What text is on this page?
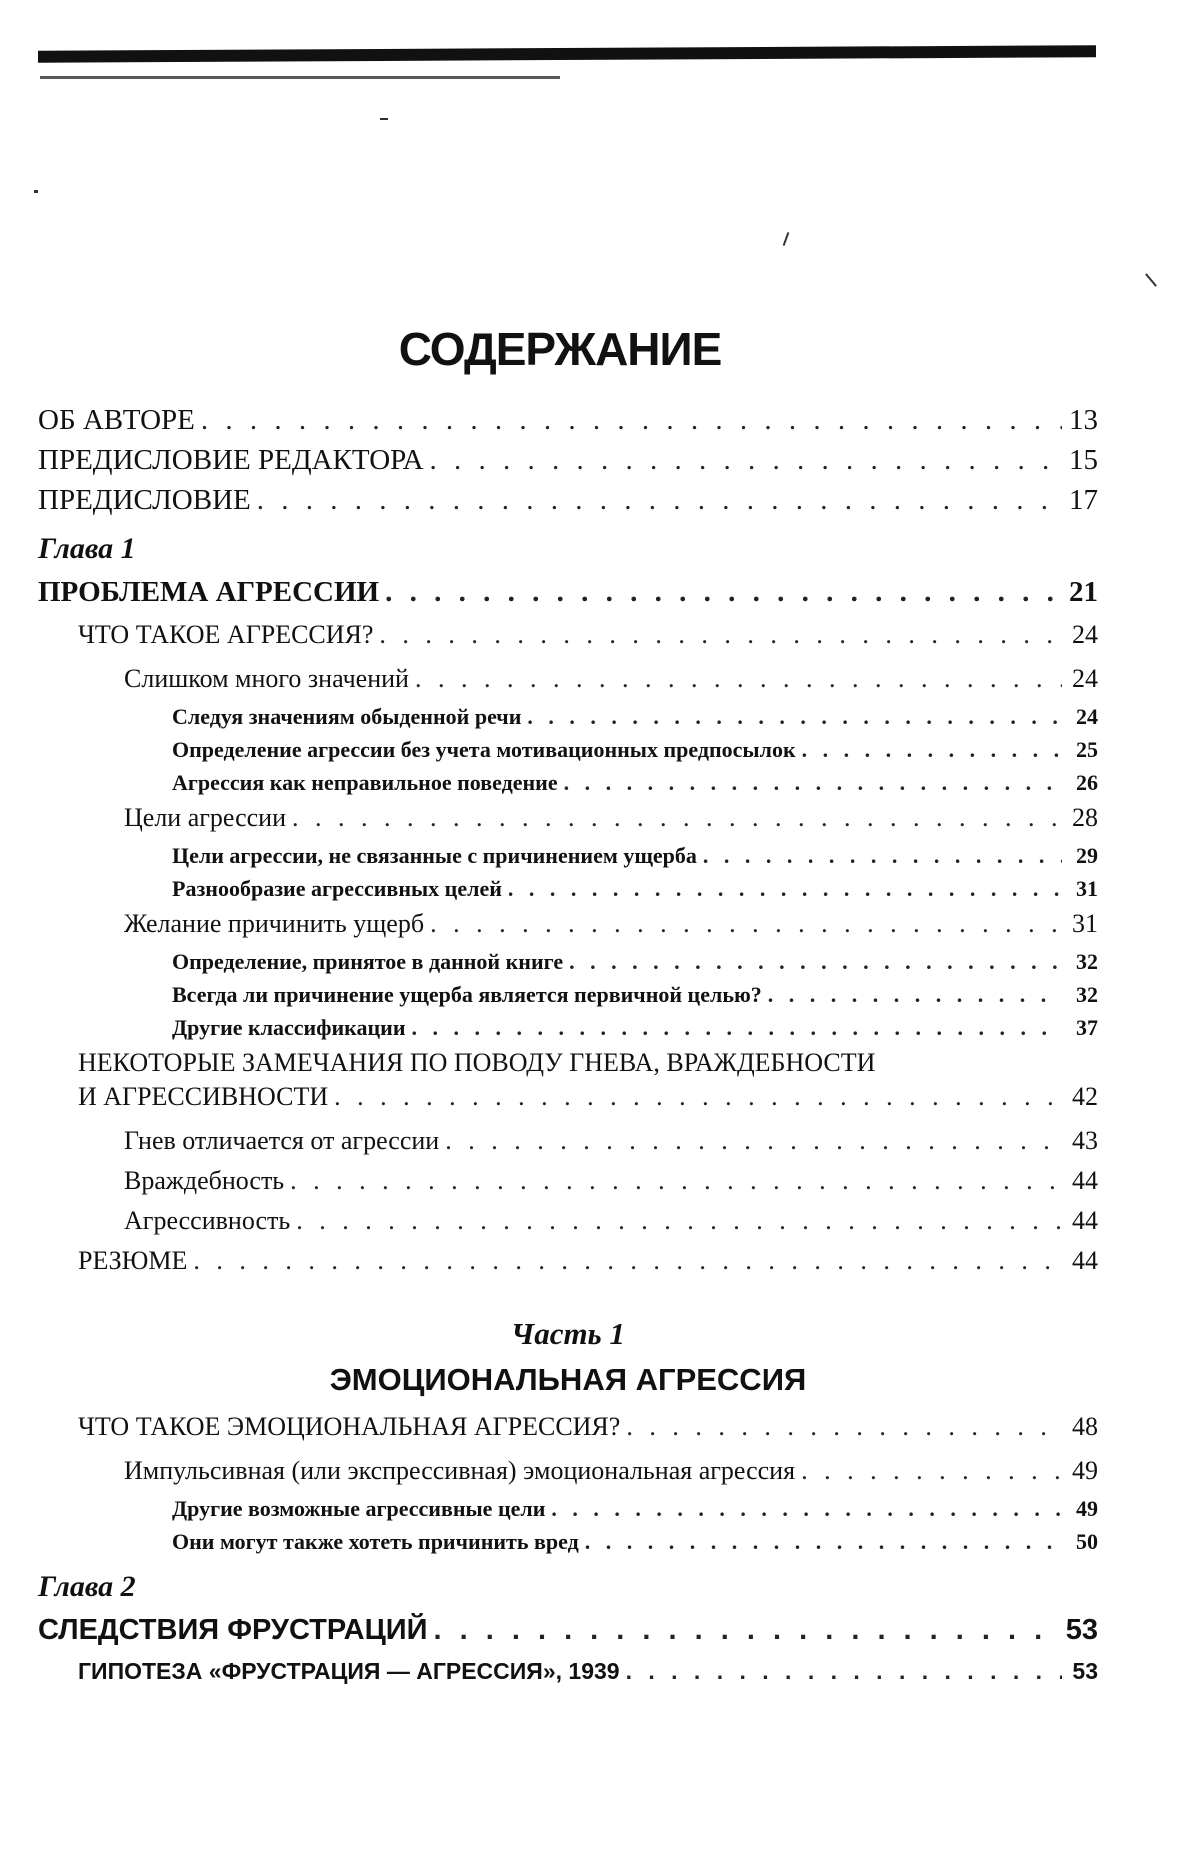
СОДЕРЖАНИЕ
ОБ АВТОРЕ . . .	13
ПРЕДИСЛОВИЕ РЕДАКТОРА . . .	15
ПРЕДИСЛОВИЕ . . .	17
Глава 1
ПРОБЛЕМА АГРЕССИИ . . .	21
ЧТО ТАКОЕ АГРЕССИЯ? . . .	24
Слишком много значений . . .	24
Следуя значениям обыденной речи . . .	24
Определение агрессии без учета мотивационных предпосылок . . .	25
Агрессия как неправильное поведение . . .	26
Цели агрессии . . .	28
Цели агрессии, не связанные с причинением ущерба . . .	29
Разнообразие агрессивных целей . . .	31
Желание причинить ущерб . . .	31
Определение, принятое в данной книге . . .	32
Всегда ли причинение ущерба является первичной целью? . . .	32
Другие классификации . . .	37
НЕКОТОРЫЕ ЗАМЕЧАНИЯ ПО ПОВОДУ ГНЕВА, ВРАЖДЕБНОСТИ
И АГРЕССИВНОСТИ . . .	42
Гнев отличается от агрессии . . .	43
Враждебность . . .	44
Агрессивность . . .	44
РЕЗЮМЕ . . .	44
Часть 1
ЭМОЦИОНАЛЬНАЯ АГРЕССИЯ
ЧТО ТАКОЕ ЭМОЦИОНАЛЬНАЯ АГРЕССИЯ? . . .	48
Импульсивная (или экспрессивная) эмоциональная агрессия . . .	49
Другие возможные агрессивные цели . . .	49
Они могут также хотеть причинить вред . . .	50
Глава 2
СЛЕДСТВИЯ ФРУСТРАЦИЙ . . .	53
ГИПОТЕЗА «ФРУСТРАЦИЯ — АГРЕССИЯ», 1939 . . .	53
